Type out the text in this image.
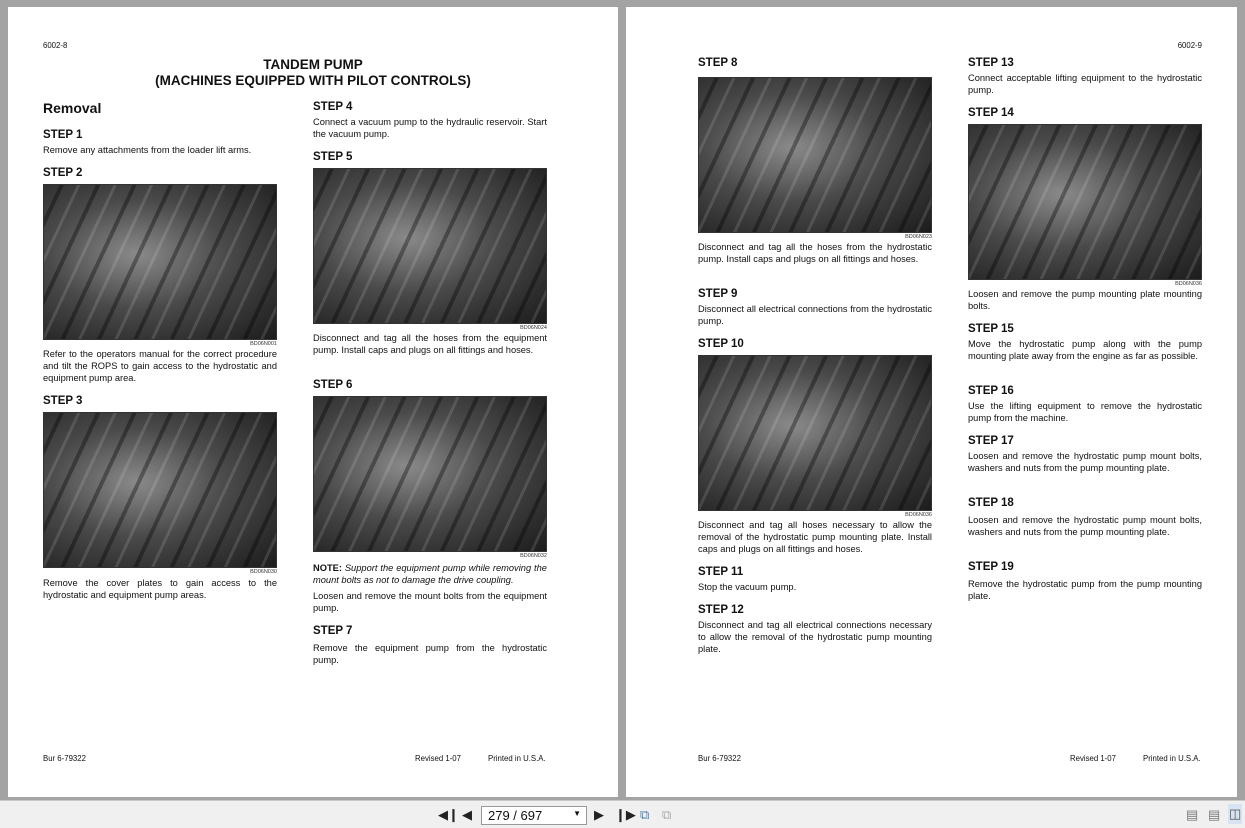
6002-8
TANDEM PUMP
(MACHINES EQUIPPED WITH PILOT CONTROLS)
Removal
STEP 1
Remove any attachments from the loader lift arms.
STEP 2
BD06N001
Refer to the operators manual for the correct procedure and tilt the ROPS to gain access to the hydrostatic and equipment pump area.
STEP 3
BD06N030
Remove the cover plates to gain access to the hydrostatic and equipment pump areas.
STEP 4
Connect a vacuum pump to the hydraulic reservoir. Start the vacuum pump.
STEP 5
BD06N024
Disconnect and tag all the hoses from the equipment pump. Install caps and plugs on all fittings and hoses.
STEP 6
BD06N032
NOTE: Support the equipment pump while removing the mount bolts as not to damage the drive coupling.
Loosen and remove the mount bolts from the equipment pump.
STEP 7
Remove the equipment pump from the hydrostatic pump.
Bur 6-79322	Revised 1-07	Printed in U.S.A.
6002-9
STEP 8
BD06N023
Disconnect and tag all the hoses from the hydrostatic pump. Install caps and plugs on all fittings and hoses.
STEP 9
Disconnect all electrical connections from the hydrostatic pump.
STEP 10
BD06N036
Disconnect and tag all hoses necessary to allow the removal of the hydrostatic pump mounting plate. Install caps and plugs on all fittings and hoses.
STEP 11
Stop the vacuum pump.
STEP 12
Disconnect and tag all electrical connections necessary to allow the removal of the hydrostatic pump mounting plate.
STEP 13
Connect acceptable lifting equipment to the hydrostatic pump.
STEP 14
BD06N036
Loosen and remove the pump mounting plate mounting bolts.
STEP 15
Move the hydrostatic pump along with the pump mounting plate away from the engine as far as possible.
STEP 16
Use the lifting equipment to remove the hydrostatic pump from the machine.
STEP 17
Loosen and remove the hydrostatic pump mount bolts, washers and nuts from the pump mounting plate.
STEP 18
Loosen and remove the hydrostatic pump mount bolts, washers and nuts from the pump mounting plate.
STEP 19
Remove the hydrostatic pump from the pump mounting plate.
Bur 6-79322	Revised 1-07	Printed in U.S.A.
◀❙ ◀	279 / 697	▼ ▶ ❙▶ ⧉ ⧉	▤ ▤ ◫
